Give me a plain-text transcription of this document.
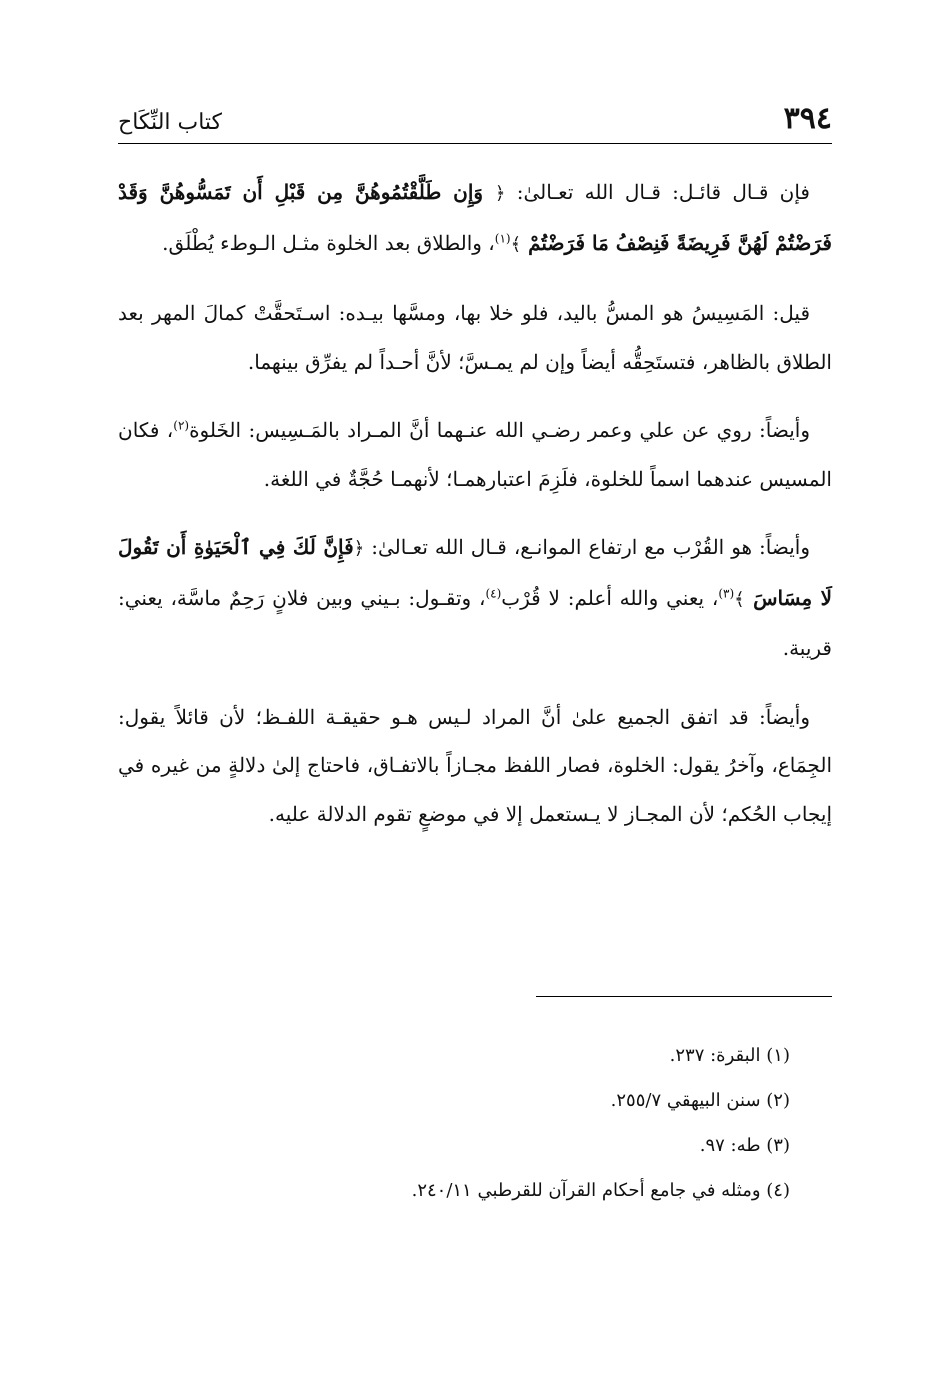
٣٩٤
كتاب النِّكَاح

فإن قـال قائـل: قـال الله تعـالىٰ: ﴿ وَإِن طَلَّقْتُمُوهُنَّ مِن قَبْلِ أَن تَمَسُّوهُنَّ وَقَدْ فَرَضْتُمْ لَهُنَّ فَرِيضَةً فَنِصْفُ مَا فَرَضْتُمْ ﴾$^{(١)}$، والطلاق بعد الخلوة مثـل الـوطء يُطْلَق.

قيل: المَسِيسُ هو المسُّ باليد، فلو خلا بها، ومسَّها بيـده: اسـتَحقَّتْ كمالَ المهر بعد الطلاق بالظاهر، فتستَحِقُّه أيضاً وإن لم يمـسَّ؛ لأنَّ أحـداً لم يفرِّق بينهما.

وأيضاً: روي عن علي وعمر رضـي الله عنـهما أنَّ المـراد بالمَـسِيس: الخَلوة$^{(٢)}$، فكان المسيس عندهما اسماً للخلوة، فلَزِمَ اعتبارهمـا؛ لأنهمـا حُجَّةٌ في اللغة.

وأيضاً: هو القُرْب مع ارتفاع الموانـع، قـال الله تعـالىٰ: ﴿فَإِنَّ لَكَ فِي ٱلْحَيَوٰةِ أَن تَقُولَ لَا مِسَاسَ ﴾$^{(٣)}$، يعني والله أعلم: لا قُرْب$^{(٤)}$، وتقـول: بـيني وبين فلانٍ رَحِمٌ ماسَّة، يعني: قريبة.

وأيضاً: قد اتفق الجميع علىٰ أنَّ المراد لـيس هـو حقيقـة اللفـظ؛ لأن قائلاً يقول: الجِمَاع، وآخرُ يقول: الخلوة، فصار اللفظ مجـازاً بالاتفـاق، فاحتاج إلىٰ دلالةٍ من غيره في إيجاب الحُكم؛ لأن المجـاز لا يـستعمل إلا في موضعٍ تقوم الدلالة عليه.

(١) البقرة: ٢٣٧.
(٢) سنن البيهقي ٢٥٥/٧.
(٣) طه: ٩٧.
(٤) ومثله في جامع أحكام القرآن للقرطبي ٢٤٠/١١.
